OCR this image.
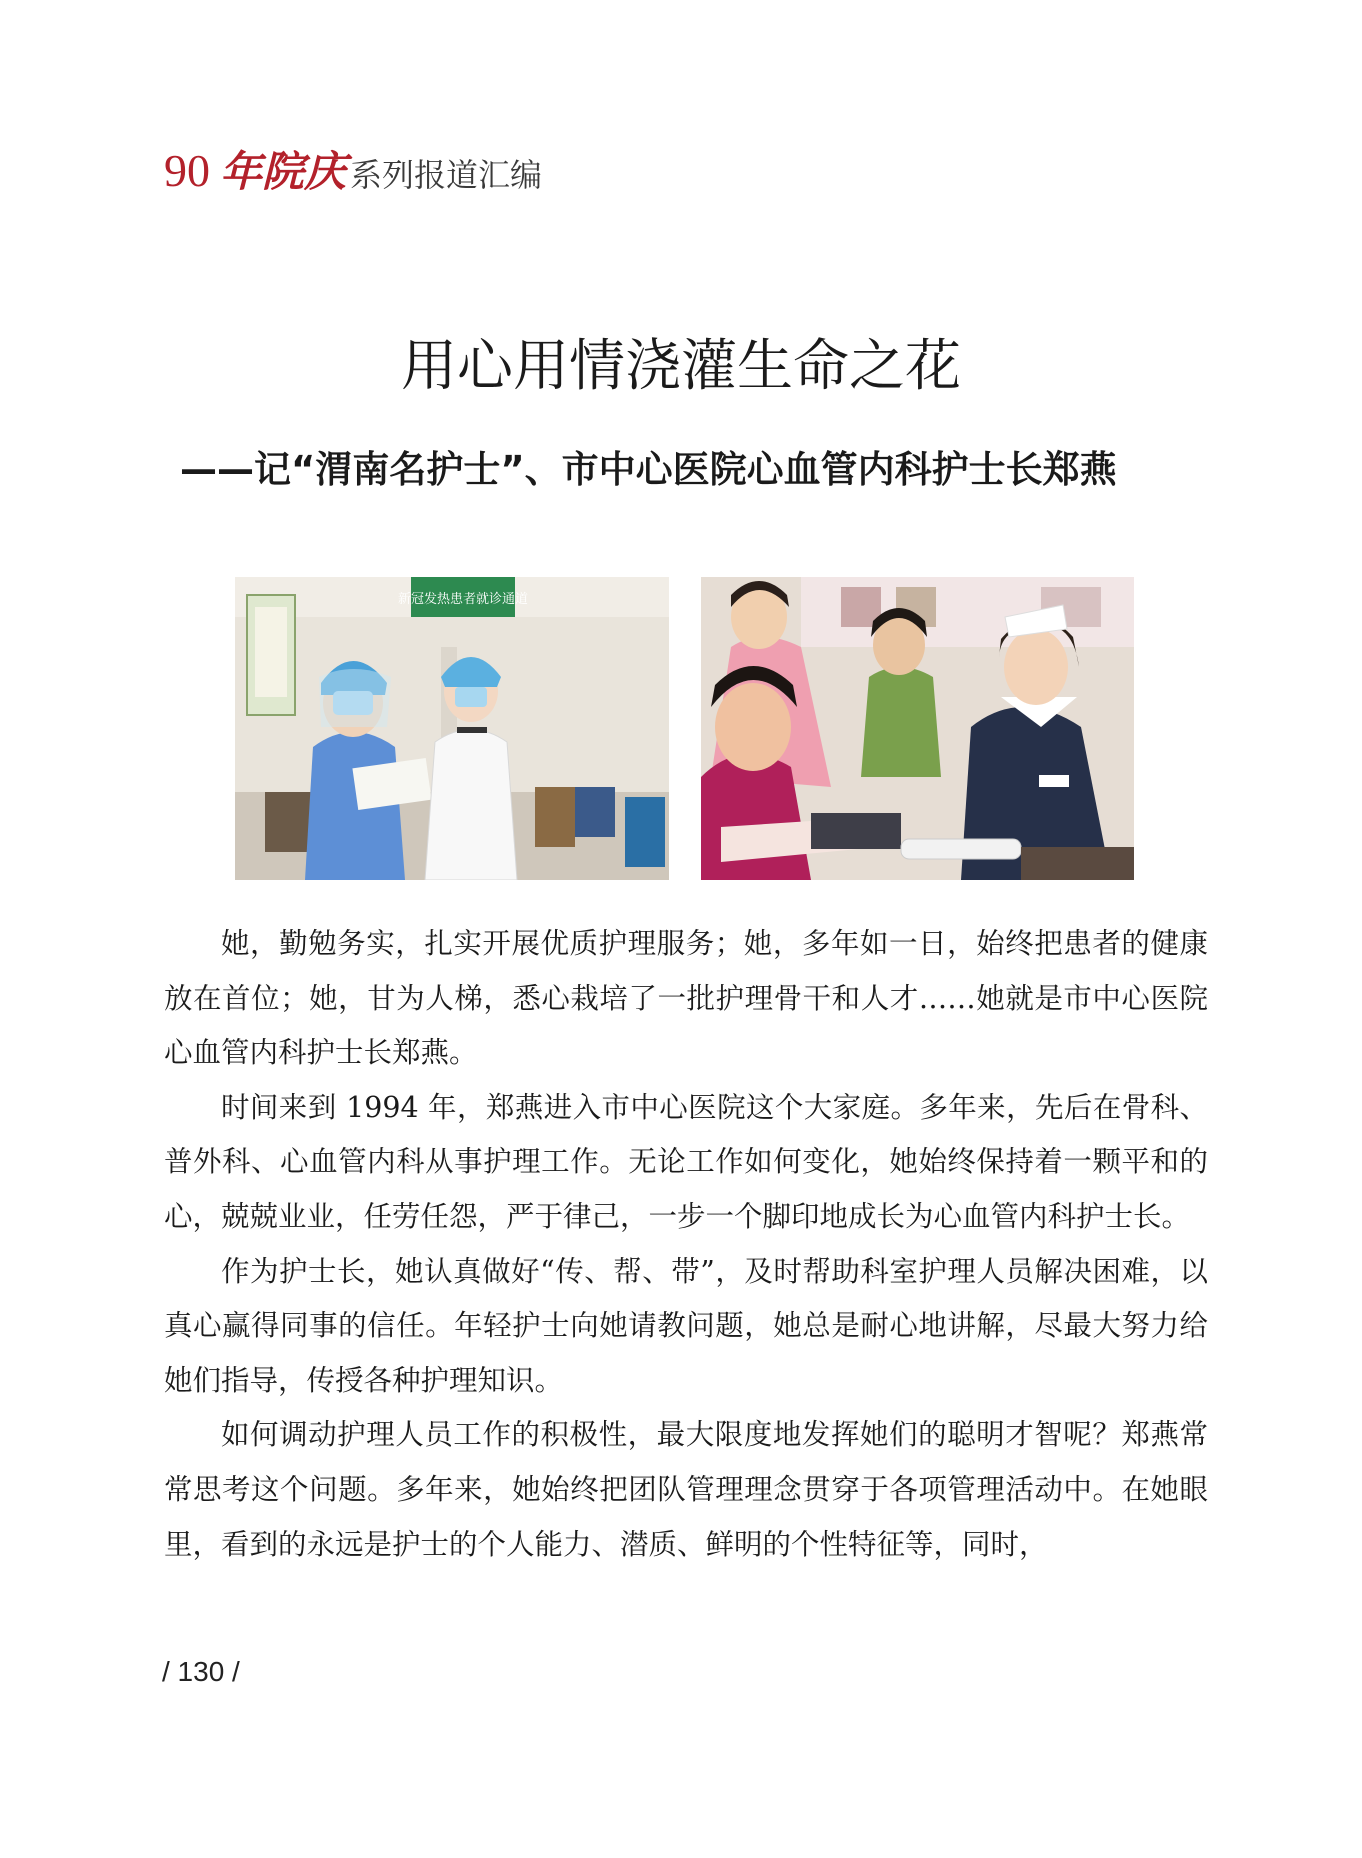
90 年院庆 系列报道汇编
用心用情浇灌生命之花
——记“渭南名护士”、市中心医院心血管内科护士长郑燕
新冠发热患者就诊通道

她，勤勉务实，扎实开展优质护理服务；她，多年如一日，始终把患者的健康放在首位；她，甘为人梯，悉心栽培了一批护理骨干和人才……她就是市中心医院心血管内科护士长郑燕。

时间来到 1994 年，郑燕进入市中心医院这个大家庭。多年来，先后在骨科、普外科、心血管内科从事护理工作。无论工作如何变化，她始终保持着一颗平和的心，兢兢业业，任劳任怨，严于律己，一步一个脚印地成长为心血管内科护士长。

作为护士长，她认真做好“传、帮、带”，及时帮助科室护理人员解决困难，以真心赢得同事的信任。年轻护士向她请教问题，她总是耐心地讲解，尽最大努力给她们指导，传授各种护理知识。

如何调动护理人员工作的积极性，最大限度地发挥她们的聪明才智呢？郑燕常常思考这个问题。多年来，她始终把团队管理理念贯穿于各项管理活动中。在她眼里，看到的永远是护士的个人能力、潜质、鲜明的个性特征等，同时，

/ 130 /
